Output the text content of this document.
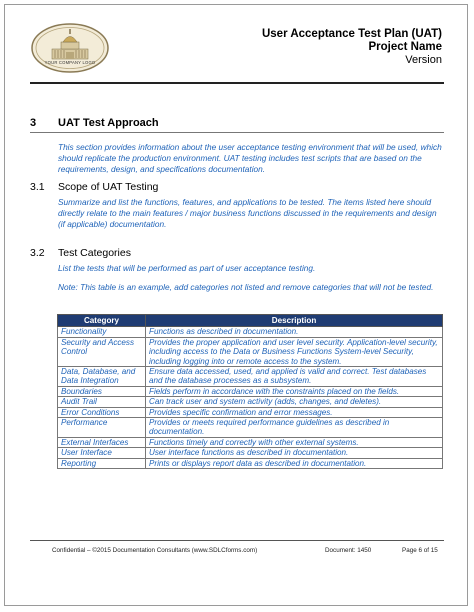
YOUR COMPANY LOGO
User Acceptance Test Plan (UAT)
Project Name
Version
3 UAT Test Approach
This section provides information about the user acceptance testing environment that will be used, which should replicate the production environment. UAT testing includes test scripts that are based on the requirements, design, and specifications documentation.
3.1 Scope of UAT Testing
Summarize and list the functions, features, and applications to be tested. The items listed here should directly relate to the main features / major business functions discussed in the requirements and design (if applicable) documentation.
3.2 Test Categories
List the tests that will be performed as part of user acceptance testing.
Note: This table is an example, add categories not listed and remove categories that will not be tested.
Category	Description
Functionality	Functions as described in documentation.
Security and Access Control	Provides the proper application and user level security. Application-level security, including access to the Data or Business Functions System-level Security, including logging into or remote access to the system.
Data, Database, and Data Integration	Ensure data accessed, used, and applied is valid and correct. Test databases and the database processes as a subsystem.
Boundaries	Fields perform in accordance with the constraints placed on the fields.
Audit Trail	Can track user and system activity (adds, changes, and deletes).
Error Conditions	Provides specific confirmation and error messages.
Performance	Provides or meets required performance guidelines as described in documentation.
External Interfaces	Functions timely and correctly with other external systems.
User Interface	User interface functions as described in documentation.
Reporting	Prints or displays report data as described in documentation.
Confidential – ©2015 Documentation Consultants (www.SDLCforms.com)	Document: 1450	Page 6 of 15
